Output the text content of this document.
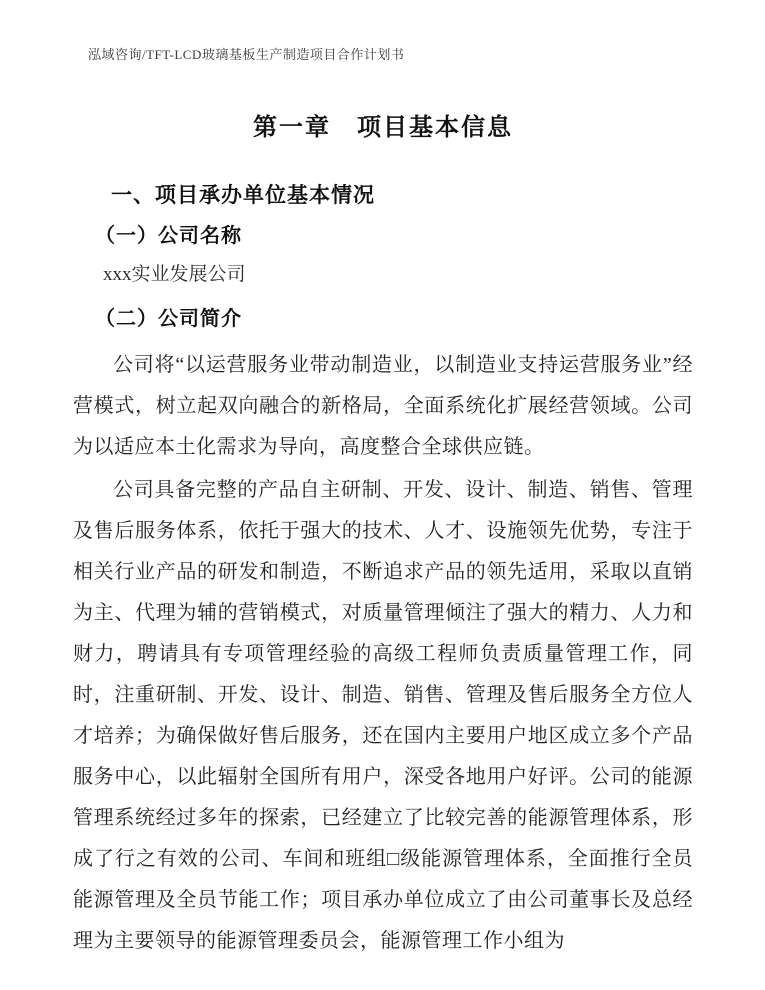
泓域咨询/TFT-LCD玻璃基板生产制造项目合作计划书
第一章　项目基本信息
一、项目承办单位基本情况
（一）公司名称
xxx实业发展公司
（二）公司简介

公司将“以运营服务业带动制造业，以制造业支持运营服务业”经营模式，树立起双向融合的新格局，全面系统化扩展经营领域。公司为以适应本土化需求为导向，高度整合全球供应链。

公司具备完整的产品自主研制、开发、设计、制造、销售、管理及售后服务体系，依托于强大的技术、人才、设施领先优势，专注于相关行业产品的研发和制造，不断追求产品的领先适用，采取以直销为主、代理为辅的营销模式，对质量管理倾注了强大的精力、人力和财力，聘请具有专项管理经验的高级工程师负责质量管理工作，同时，注重研制、开发、设计、制造、销售、管理及售后服务全方位人才培养；为确保做好售后服务，还在国内主要用户地区成立多个产品服务中心，以此辐射全国所有用户，深受各地用户好评。公司的能源管理系统经过多年的探索，已经建立了比较完善的能源管理体系，形成了行之有效的公司、车间和班组□级能源管理体系，全面推行全员能源管理及全员节能工作；项目承办单位成立了由公司董事长及总经理为主要领导的能源管理委员会，能源管理工作小组为
